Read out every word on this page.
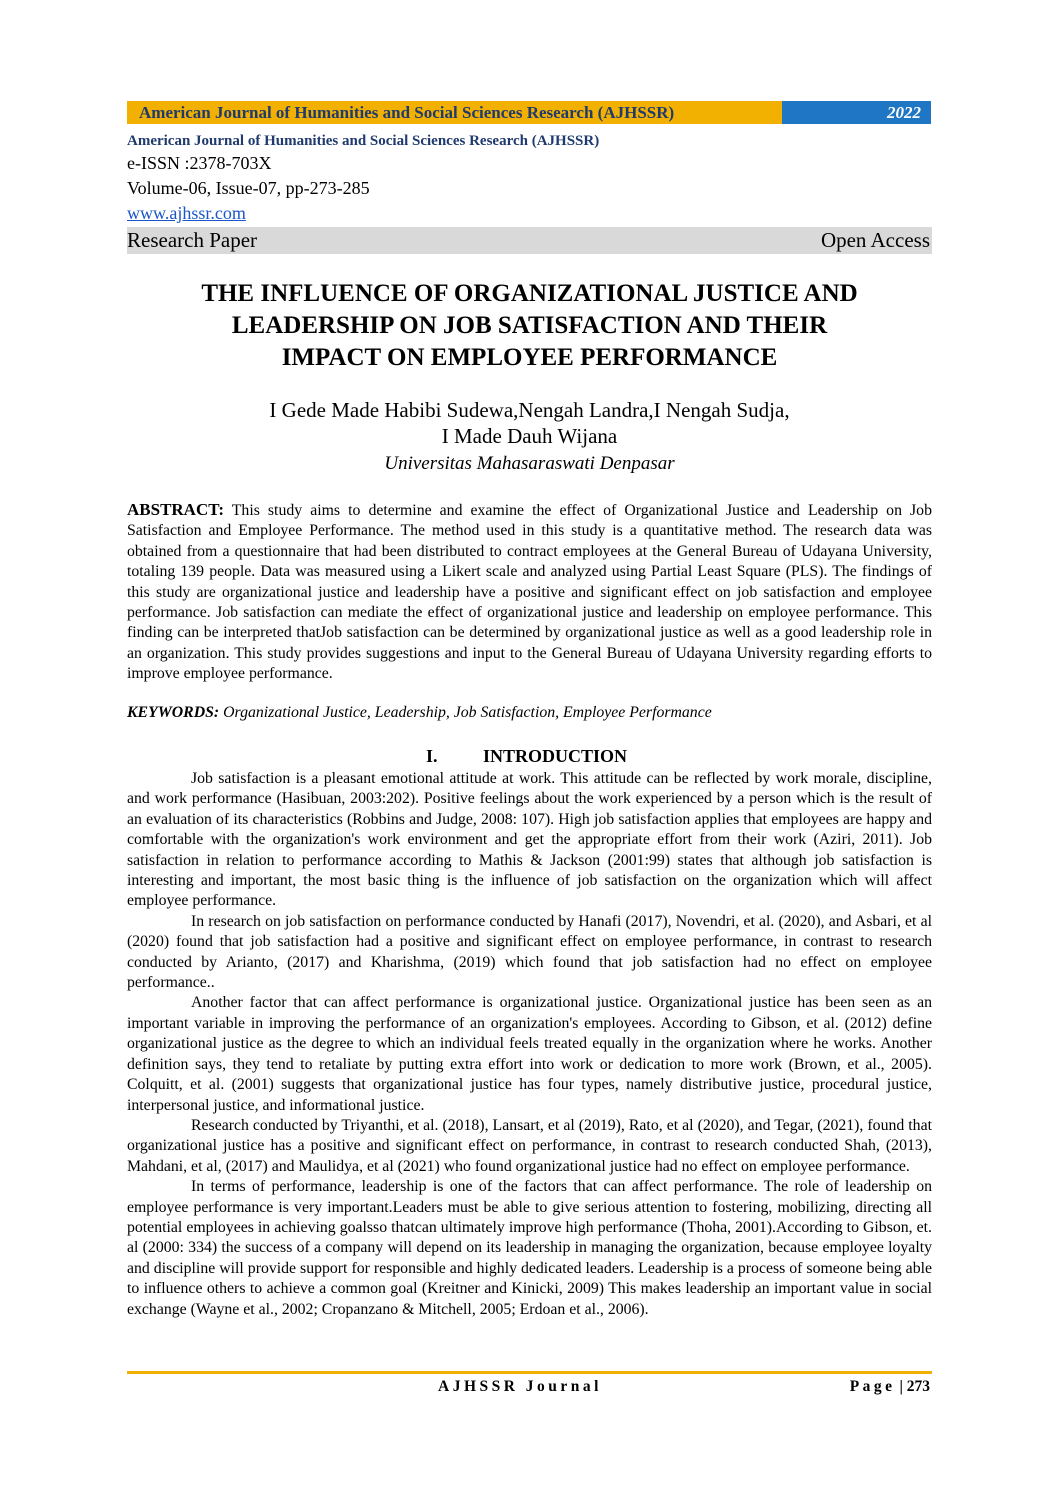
American Journal of Humanities and Social Sciences Research (AJHSSR)	2022
American Journal of Humanities and Social Sciences Research (AJHSSR)
e-ISSN :2378-703X
Volume-06, Issue-07, pp-273-285
www.ajhssr.com
Research Paper	Open Access
THE INFLUENCE OF ORGANIZATIONAL JUSTICE AND
LEADERSHIP ON JOB SATISFACTION AND THEIR
IMPACT ON EMPLOYEE PERFORMANCE
I Gede Made Habibi Sudewa,Nengah Landra,I Nengah Sudja,
I Made Dauh Wijana
Universitas Mahasaraswati Denpasar
ABSTRACT: This study aims to determine and examine the effect of Organizational Justice and Leadership on Job Satisfaction and Employee Performance. The method used in this study is a quantitative method. The research data was obtained from a questionnaire that had been distributed to contract employees at the General Bureau of Udayana University, totaling 139 people. Data was measured using a Likert scale and analyzed using Partial Least Square (PLS). The findings of this study are organizational justice and leadership have a positive and significant effect on job satisfaction and employee performance. Job satisfaction can mediate the effect of organizational justice and leadership on employee performance. This finding can be interpreted thatJob satisfaction can be determined by organizational justice as well as a good leadership role in an organization. This study provides suggestions and input to the General Bureau of Udayana University regarding efforts to improve employee performance.
KEYWORDS: Organizational Justice, Leadership, Job Satisfaction, Employee Performance
I.	INTRODUCTION

Job satisfaction is a pleasant emotional attitude at work. This attitude can be reflected by work morale, discipline, and work performance (Hasibuan, 2003:202). Positive feelings about the work experienced by a person which is the result of an evaluation of its characteristics (Robbins and Judge, 2008: 107). High job satisfaction applies that employees are happy and comfortable with the organization's work environment and get the appropriate effort from their work (Aziri, 2011). Job satisfaction in relation to performance according to Mathis & Jackson (2001:99) states that although job satisfaction is interesting and important, the most basic thing is the influence of job satisfaction on the organization which will affect employee performance.

In research on job satisfaction on performance conducted by Hanafi (2017), Novendri, et al. (2020), and Asbari, et al (2020) found that job satisfaction had a positive and significant effect on employee performance, in contrast to research conducted by Arianto, (2017) and Kharishma, (2019) which found that job satisfaction had no effect on employee performance..

Another factor that can affect performance is organizational justice. Organizational justice has been seen as an important variable in improving the performance of an organization's employees. According to Gibson, et al. (2012) define organizational justice as the degree to which an individual feels treated equally in the organization where he works. Another definition says, they tend to retaliate by putting extra effort into work or dedication to more work (Brown, et al., 2005). Colquitt, et al. (2001) suggests that organizational justice has four types, namely distributive justice, procedural justice, interpersonal justice, and informational justice.

Research conducted by Triyanthi, et al. (2018), Lansart, et al (2019), Rato, et al (2020), and Tegar, (2021), found that organizational justice has a positive and significant effect on performance, in contrast to research conducted Shah, (2013), Mahdani, et al, (2017) and Maulidya, et al (2021) who found organizational justice had no effect on employee performance.

In terms of performance, leadership is one of the factors that can affect performance. The role of leadership on employee performance is very important.Leaders must be able to give serious attention to fostering, mobilizing, directing all potential employees in achieving goalsso thatcan ultimately improve high performance (Thoha, 2001).According to Gibson, et. al (2000: 334) the success of a company will depend on its leadership in managing the organization, because employee loyalty and discipline will provide support for responsible and highly dedicated leaders. Leadership is a process of someone being able to influence others to achieve a common goal (Kreitner and Kinicki, 2009) This makes leadership an important value in social exchange (Wayne et al., 2002; Cropanzano & Mitchell, 2005; Erdoan et al., 2006).

AJHSSR Journal	Page | 273
